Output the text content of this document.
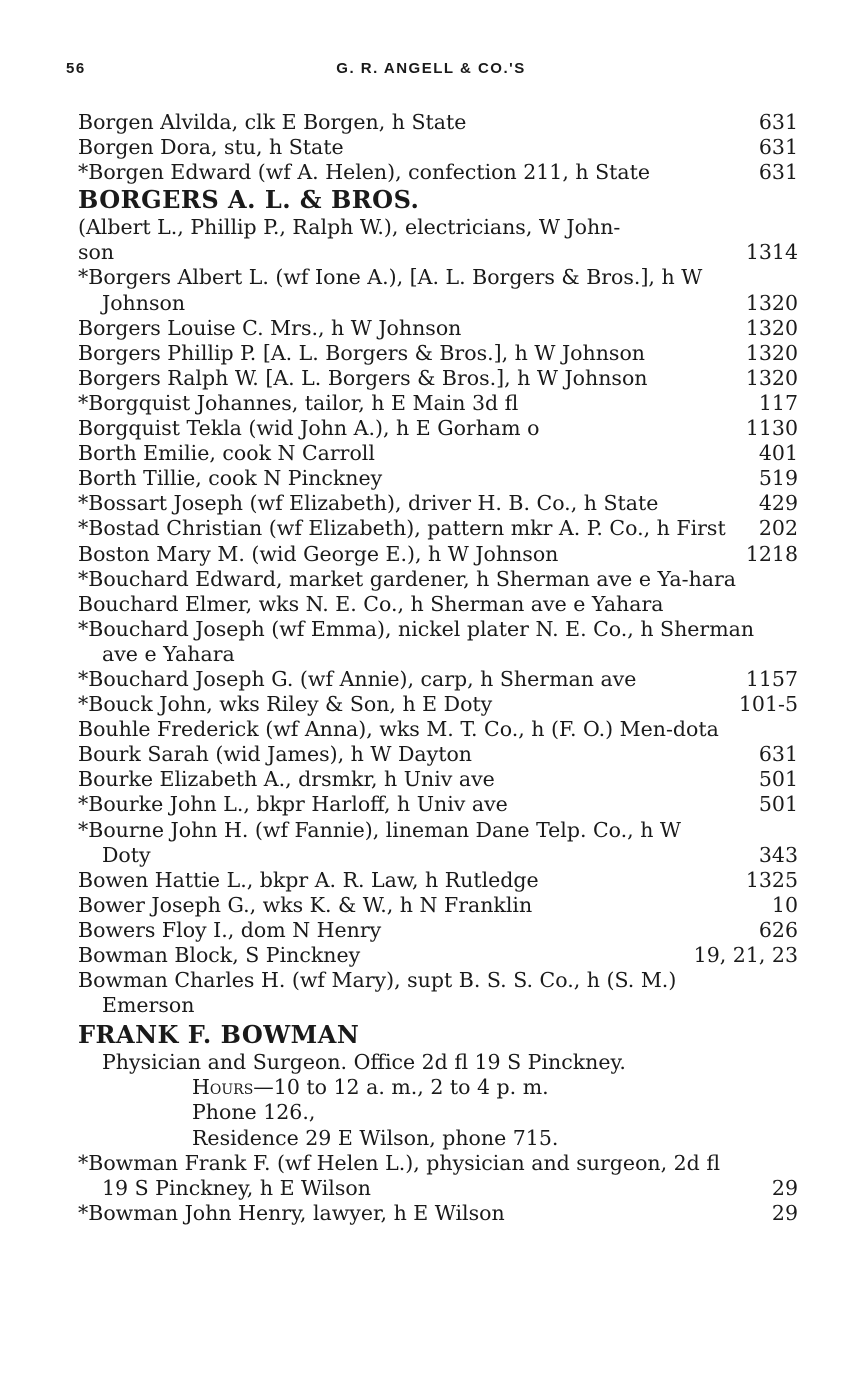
56	G. R. ANGELL & CO.'S
Borgen Alvilda, clk E Borgen, h State	631
Borgen Dora, stu, h State	631
*Borgen Edward (wf A. Helen), confection 211, h State	631
BORGERS A. L. & BROS.
(Albert L., Phillip P., Ralph W.), electricians, W John-
son	1314
*Borgers Albert L. (wf Ione A.), [A. L. Borgers & Bros.], h W Johnson	1320
Borgers Louise C. Mrs., h W Johnson	1320
Borgers Phillip P. [A. L. Borgers & Bros.], h W Johnson	1320
Borgers Ralph W. [A. L. Borgers & Bros.], h W Johnson	1320
*Borgquist Johannes, tailor, h E Main 3d fl	117
Borgquist Tekla (wid John A.), h E Gorham o	1130
Borth Emilie, cook N Carroll	401
Borth Tillie, cook N Pinckney	519
*Bossart Joseph (wf Elizabeth), driver H. B. Co., h State	429
*Bostad Christian (wf Elizabeth), pattern mkr A. P. Co., h First 202
Boston Mary M. (wid George E.), h W Johnson	1218
*Bouchard Edward, market gardener, h Sherman ave e Ya-hara
Bouchard Elmer, wks N. E. Co., h Sherman ave e Yahara
*Bouchard Joseph (wf Emma), nickel plater N. E. Co., h Sherman ave e Yahara
*Bouchard Joseph G. (wf Annie), carp, h Sherman ave	1157
*Bouck John, wks Riley & Son, h E Doty	101-5
Bouhle Frederick (wf Anna), wks M. T. Co., h (F. O.) Men-dota
Bourk Sarah (wid James), h W Dayton	631
Bourke Elizabeth A., drsmkr, h Univ ave	501
*Bourke John L., bkpr Harloff, h Univ ave	501
*Bourne John H. (wf Fannie), lineman Dane Telp. Co., h W Doty	343
Bowen Hattie L., bkpr A. R. Law, h Rutledge	1325
Bower Joseph G., wks K. & W., h N Franklin	10
Bowers Floy I., dom N Henry	626
Bowman Block, S Pinckney	19, 21, 23
Bowman Charles H. (wf Mary), supt B. S. S. Co., h (S. M.) Emerson
FRANK F. BOWMAN
Physician and Surgeon. Office 2d fl 19 S Pinckney.
Hours—10 to 12 a. m., 2 to 4 p. m.
Phone 126.,
Residence 29 E Wilson, phone 715.
*Bowman Frank F. (wf Helen L.), physician and surgeon, 2d fl 19 S Pinckney, h E Wilson	29
*Bowman John Henry, lawyer, h E Wilson	29
